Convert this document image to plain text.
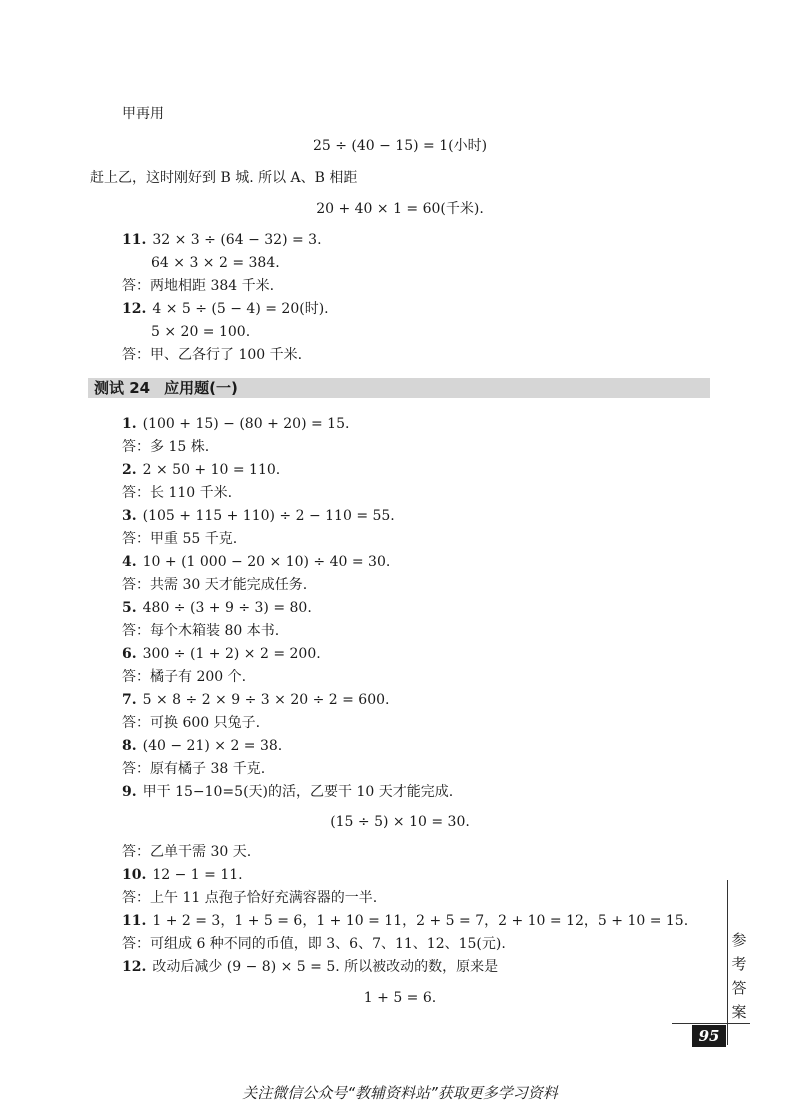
甲再用
25 ÷ (40 − 15) = 1(小时)
赶上乙，这时刚好到 B 城. 所以 A、B 相距
20 + 40 × 1 = 60(千米).
11. 32 × 3 ÷ (64 − 32) = 3.
64 × 3 × 2 = 384.
答：两地相距 384 千米.
12. 4 × 5 ÷ (5 − 4) = 20(时).
5 × 20 = 100.
答：甲、乙各行了 100 千米.
测试 24 应用题(一)
1. (100 + 15) − (80 + 20) = 15.
答：多 15 株.
2. 2 × 50 + 10 = 110.
答：长 110 千米.
3. (105 + 115 + 110) ÷ 2 − 110 = 55.
答：甲重 55 千克.
4. 10 + (1 000 − 20 × 10) ÷ 40 = 30.
答：共需 30 天才能完成任务.
5. 480 ÷ (3 + 9 ÷ 3) = 80.
答：每个木箱装 80 本书.
6. 300 ÷ (1 + 2) × 2 = 200.
答：橘子有 200 个.
7. 5 × 8 ÷ 2 × 9 ÷ 3 × 20 ÷ 2 = 600.
答：可换 600 只兔子.
8. (40 − 21) × 2 = 38.
答：原有橘子 38 千克.
9. 甲干 15−10=5(天)的活，乙要干 10 天才能完成.
(15 ÷ 5) × 10 = 30.
答：乙单干需 30 天.
10. 12 − 1 = 11.
答：上午 11 点孢子恰好充满容器的一半.
11. 1 + 2 = 3，1 + 5 = 6，1 + 10 = 11，2 + 5 = 7，2 + 10 = 12，5 + 10 = 15.
答：可组成 6 种不同的币值，即 3、6、7、11、12、15(元).
12. 改动后减少 (9 − 8) × 5 = 5. 所以被改动的数，原来是
1 + 5 = 6.
参
考
答
案
95
关注微信公众号“教辅资料站”获取更多学习资料
